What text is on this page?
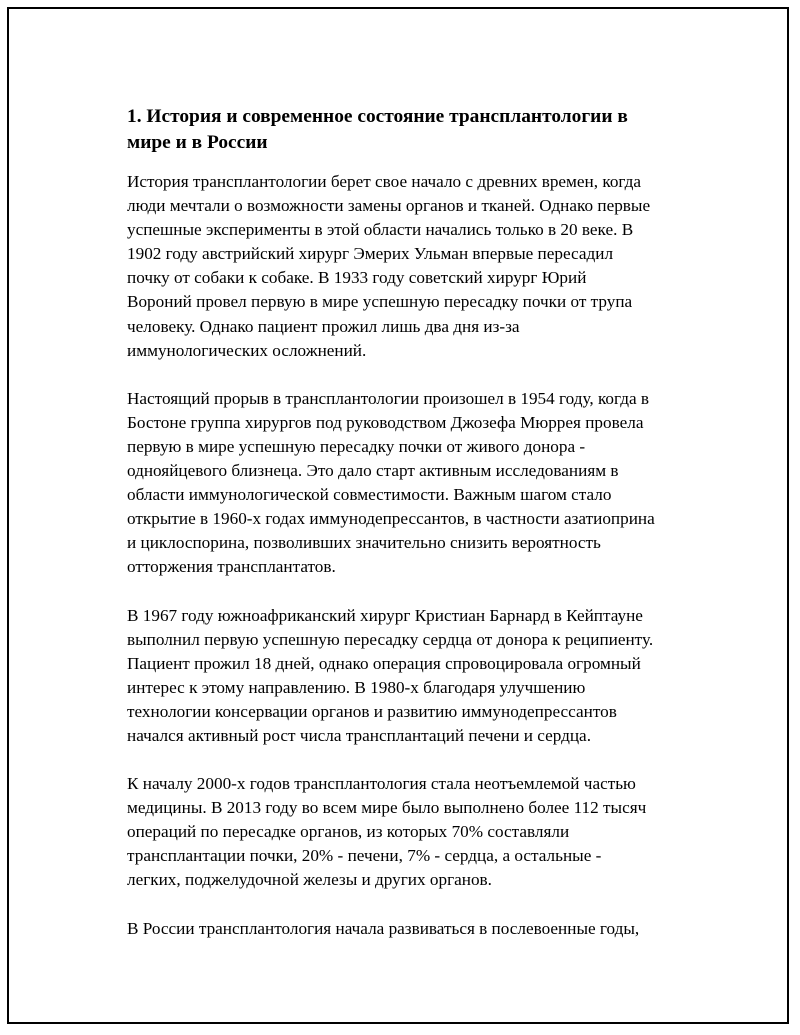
1. История и современное состояние трансплантологии в
мире и в России

История трансплантологии берет свое начало с древних времен, когда
люди мечтали о возможности замены органов и тканей. Однако первые
успешные эксперименты в этой области начались только в 20 веке. В
1902 году австрийский хирург Эмерих Ульман впервые пересадил
почку от собаки к собаке. В 1933 году советский хирург Юрий
Вороний провел первую в мире успешную пересадку почки от трупа
человеку. Однако пациент прожил лишь два дня из-за
иммунологических осложнений.

Настоящий прорыв в трансплантологии произошел в 1954 году, когда в
Бостоне группа хирургов под руководством Джозефа Мюррея провела
первую в мире успешную пересадку почки от живого донора -
однояйцевого близнеца. Это дало старт активным исследованиям в
области иммунологической совместимости. Важным шагом стало
открытие в 1960-х годах иммунодепрессантов, в частности азатиоприна
и циклоспорина, позволивших значительно снизить вероятность
отторжения трансплантатов.

В 1967 году южноафриканский хирург Кристиан Барнард в Кейптауне
выполнил первую успешную пересадку сердца от донора к реципиенту.
Пациент прожил 18 дней, однако операция спровоцировала огромный
интерес к этому направлению. В 1980-х благодаря улучшению
технологии консервации органов и развитию иммунодепрессантов
начался активный рост числа трансплантаций печени и сердца.

К началу 2000-х годов трансплантология стала неотъемлемой частью
медицины. В 2013 году во всем мире было выполнено более 112 тысяч
операций по пересадке органов, из которых 70% составляли
трансплантации почки, 20% - печени, 7% - сердца, а остальные -
легких, поджелудочной железы и других органов.

В России трансплантология начала развиваться в послевоенные годы,
